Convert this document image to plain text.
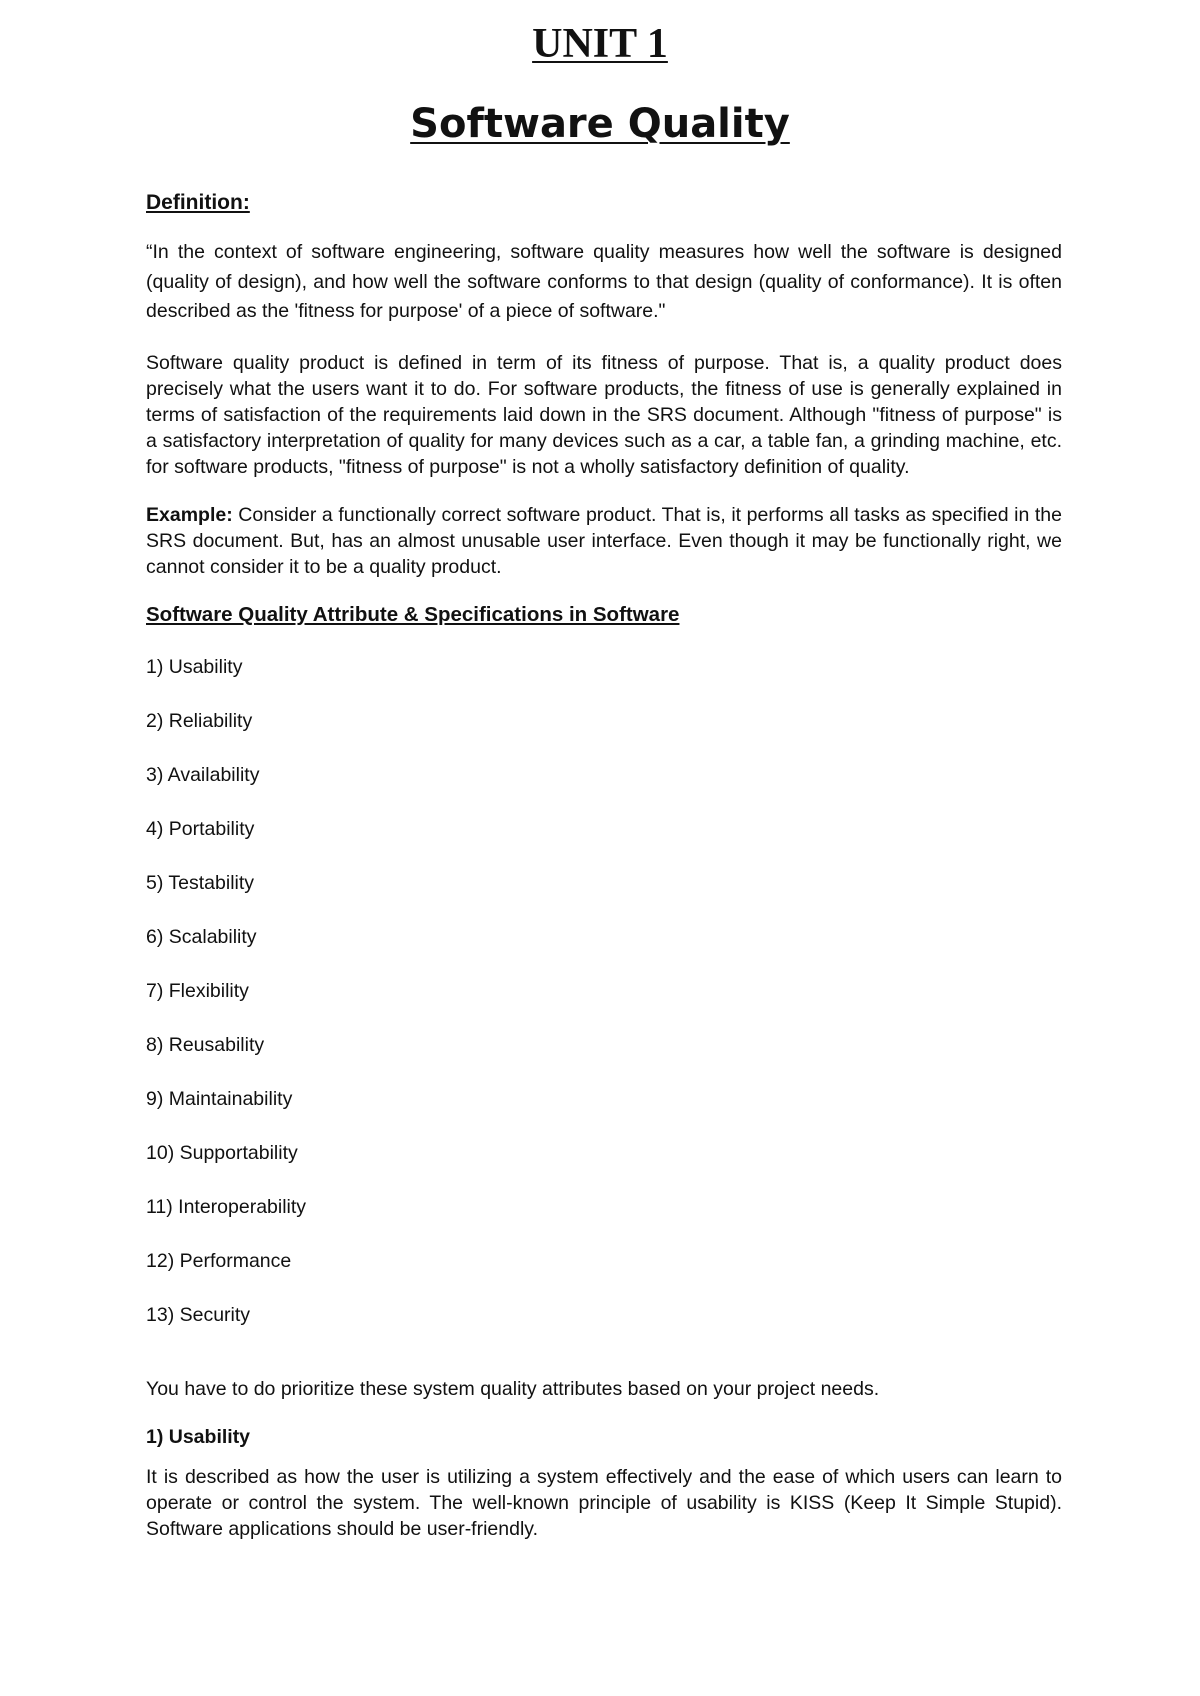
UNIT 1
Software Quality
Definition:

“In the context of software engineering, software quality measures how well the software is designed (quality of design), and how well the software conforms to that design (quality of conformance). It is often described as the 'fitness for purpose' of a piece of software."

Software quality product is defined in term of its fitness of purpose. That is, a quality product does precisely what the users want it to do. For software products, the fitness of use is generally explained in terms of satisfaction of the requirements laid down in the SRS document. Although "fitness of purpose" is a satisfactory interpretation of quality for many devices such as a car, a table fan, a grinding machine, etc. for software products, "fitness of purpose" is not a wholly satisfactory definition of quality.

Example: Consider a functionally correct software product. That is, it performs all tasks as specified in the SRS document. But, has an almost unusable user interface. Even though it may be functionally right, we cannot consider it to be a quality product.

Software Quality Attribute & Specifications in Software
1) Usability
2) Reliability
3) Availability
4) Portability
5) Testability
6) Scalability
7) Flexibility
8) Reusability
9) Maintainability
10) Supportability
11) Interoperability
12) Performance
13) Security

You have to do prioritize these system quality attributes based on your project needs.

1) Usability

It is described as how the user is utilizing a system effectively and the ease of which users can learn to operate or control the system. The well-known principle of usability is KISS (Keep It Simple Stupid). Software applications should be user-friendly.
